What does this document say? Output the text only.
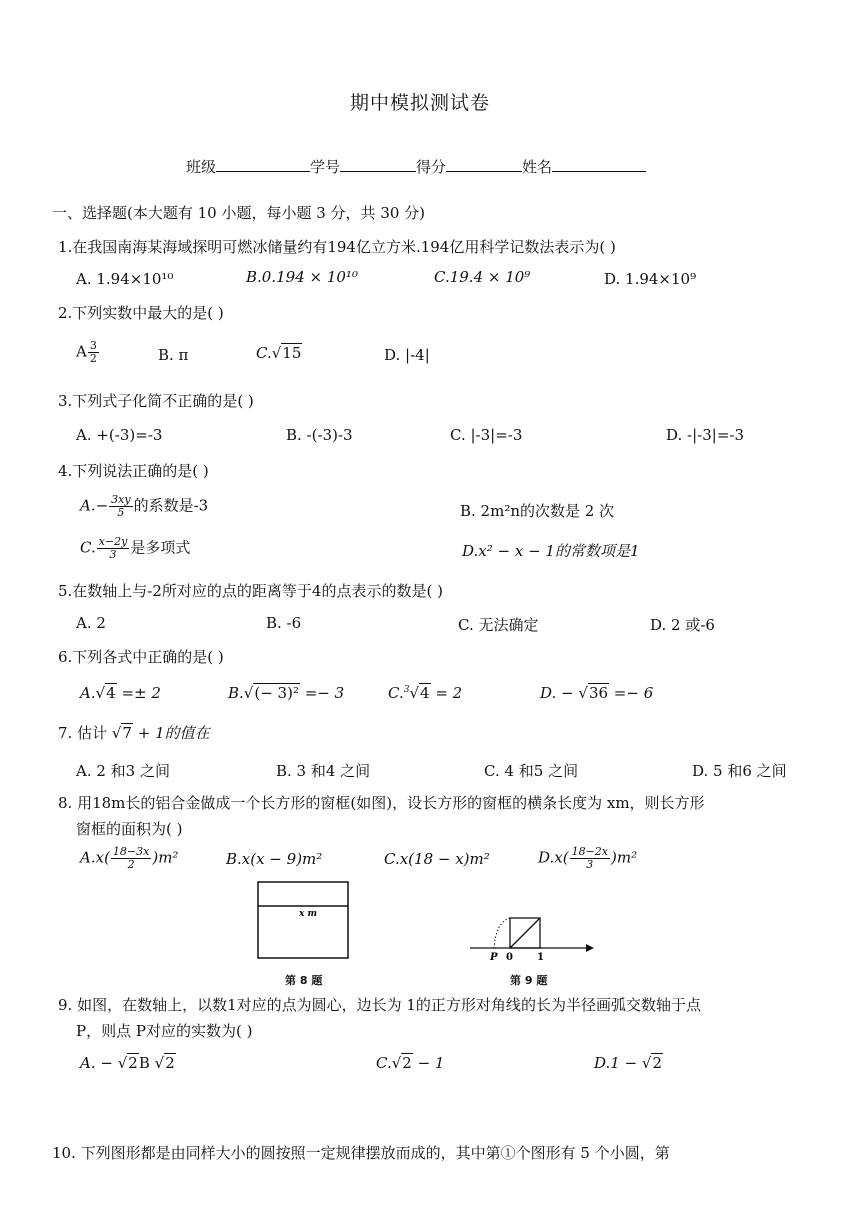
期中模拟测试卷
班级	学号	得分	姓名
一、选择题(本大题有 10 小题，每小题 3 分，共 30 分)
1.在我国南海某海域探明可燃冰储量约有194亿立方米.194亿用科学记数法表示为( )
A. 1.94×10¹⁰	B.0.194 × 10¹⁰	C.19.4 × 10⁹	D. 1.94×10⁹
2.下列实数中最大的是( )
A $\frac{3}{2}$	B. π	C.√15	D. |-4|
3.下列式子化简不正确的是( )
A. +(-3)=-3	B. -(-3)-3	C. |-3|=-3	D. -|-3|=-3
4.下列说法正确的是( )
$A.- \frac{3xy}{5}$ 的系数是-3	B. 2m²n的次数是 2 次
C. $\frac{x-2y}{3}$ 是多项式	D.x² − x − 1的常数项是1
5.在数轴上与-2所对应的点的距离等于4的点表示的数是( )
A. 2	B. -6	C. 无法确定	D. 2 或-6
6.下列各式中正确的是( )
A.√4 =± 2	B.√(− 3)² =− 3	C.$^3$√4 = 2	D. − √36 =− 6
7. 估计 √7 + 1的值在
A. 2 和3 之间	B. 3 和4 之间	C. 4 和5 之间	D. 5 和6 之间
8. 用18m长的铝合金做成一个长方形的窗框(如图)，设长方形的窗框的横条长度为 xm，则长方形
窗框的面积为( )
$A.x( \frac{18-3x}{2} )m^2$	B.x(x − 9)m²	C.x(18 − x)m²	$D.x( \frac{18-2x}{3} )m^2$
x m
第 8 题
P 0 1
第 9 题
9. 如图，在数轴上，以数1对应的点为圆心，边长为 1的正方形对角线的长为半径画弧交数轴于点
P，则点 P对应的实数为( )
A. − √2B √2	C.√2 − 1	D.1 − √2
10. 下列图形都是由同样大小的圆按照一定规律摆放而成的，其中第①个图形有 5 个小圆，第
